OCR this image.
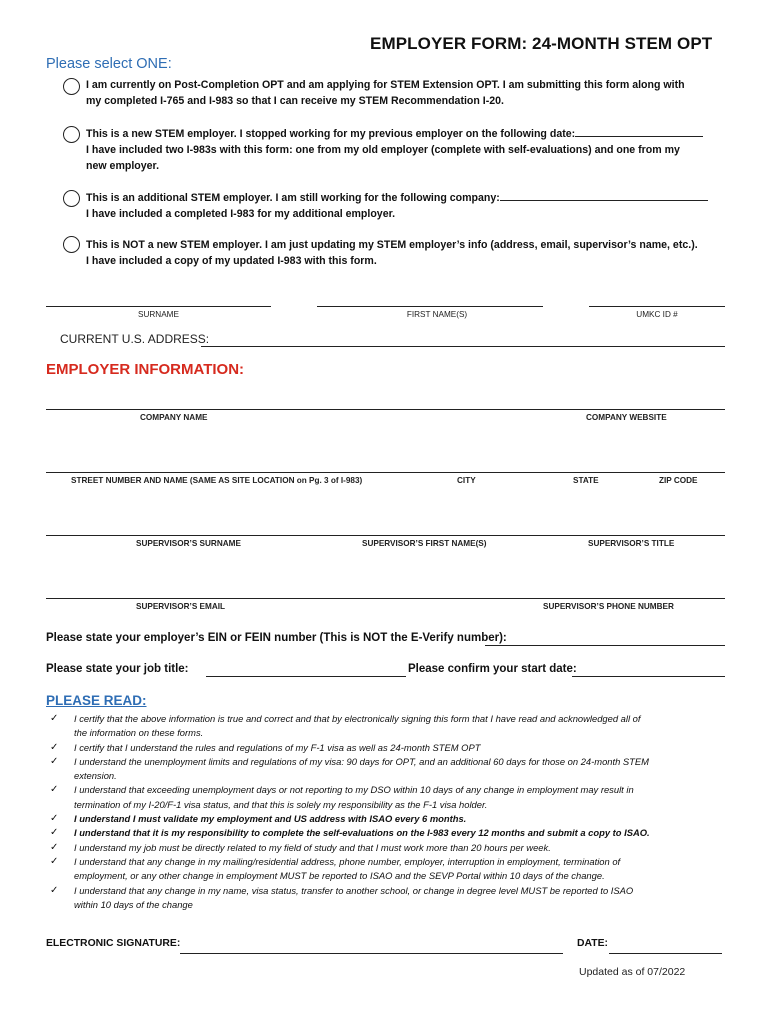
EMPLOYER FORM: 24-MONTH STEM OPT
Please select ONE:
I am currently on Post-Completion OPT and am applying for STEM Extension OPT. I am submitting this form along with
my completed I-765 and I-983 so that I can receive my STEM Recommendation I-20.
This is a new STEM employer. I stopped working for my previous employer on the following date:
I have included two I-983s with this form: one from my old employer (complete with self-evaluations) and one from my
new employer.
This is an additional STEM employer. I am still working for the following company:
I have included a completed I-983 for my additional employer.
This is NOT a new STEM employer. I am just updating my STEM employer’s info (address, email, supervisor’s name, etc.).
I have included a copy of my updated I-983 with this form.
SURNAME	FIRST NAME(S)	UMKC ID #
CURRENT U.S. ADDRESS:
EMPLOYER INFORMATION:
COMPANY NAME	COMPANY WEBSITE
STREET NUMBER AND NAME (SAME AS SITE LOCATION on Pg. 3 of I-983)	CITY	STATE	ZIP CODE
SUPERVISOR’S SURNAME	SUPERVISOR’S FIRST NAME(S)	SUPERVISOR’S TITLE
SUPERVISOR’S EMAIL	SUPERVISOR’S PHONE NUMBER
Please state your employer’s EIN or FEIN number (This is NOT the E-Verify number):
Please state your job title:	Please confirm your start date:
PLEASE READ:
✓ I certify that the above information is true and correct and that by electronically signing this form that I have read and acknowledged all of
the information on these forms.
✓ I certify that I understand the rules and regulations of my F-1 visa as well as 24-month STEM OPT
✓ I understand the unemployment limits and regulations of my visa: 90 days for OPT, and an additional 60 days for those on 24-month STEM
extension.
✓ I understand that exceeding unemployment days or not reporting to my DSO within 10 days of any change in employment may result in
termination of my I-20/F-1 visa status, and that this is solely my responsibility as the F-1 visa holder.
✓ I understand I must validate my employment and US address with ISAO every 6 months.
✓ I understand that it is my responsibility to complete the self-evaluations on the I-983 every 12 months and submit a copy to ISAO.
✓ I understand my job must be directly related to my field of study and that I must work more than 20 hours per week.
✓ I understand that any change in my mailing/residential address, phone number, employer, interruption in employment, termination of
employment, or any other change in employment MUST be reported to ISAO and the SEVP Portal within 10 days of the change.
✓ I understand that any change in my name, visa status, transfer to another school, or change in degree level MUST be reported to ISAO
within 10 days of the change
ELECTRONIC SIGNATURE:	DATE:
Updated as of 07/2022
